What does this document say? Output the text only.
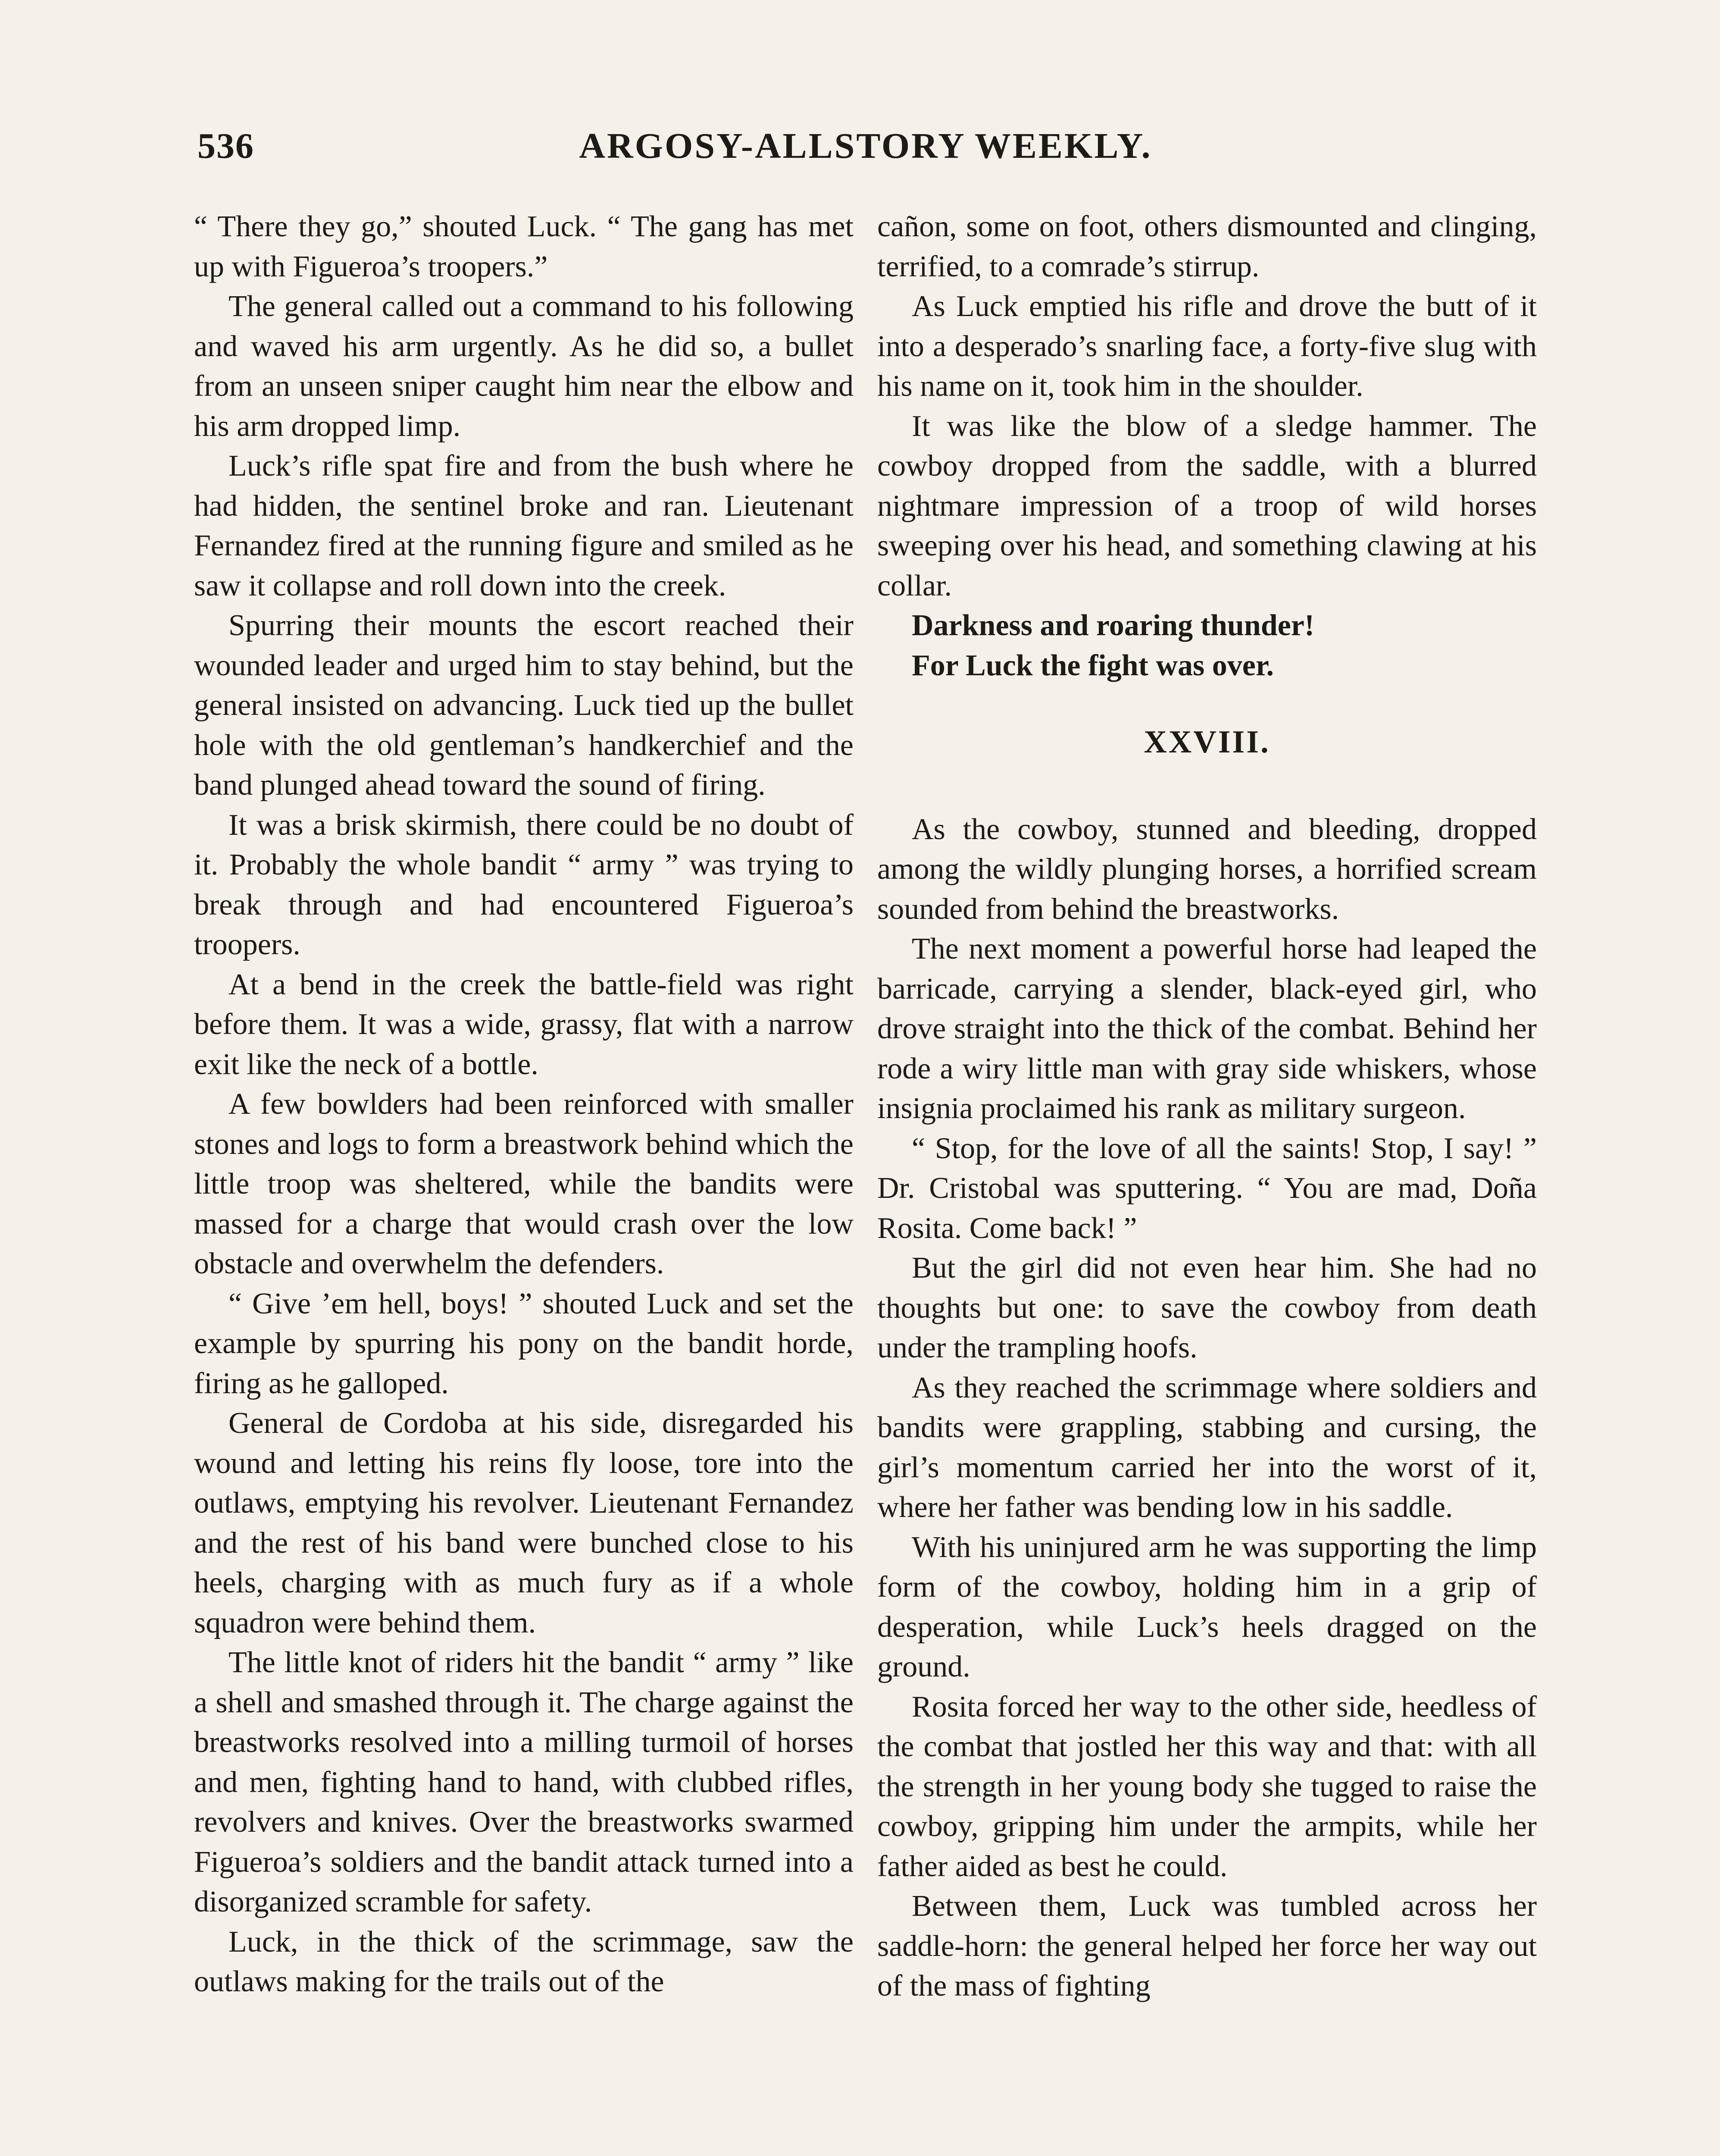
536	ARGOSY-ALLSTORY WEEKLY.

“ There they go,” shouted Luck. “ The gang has met up with Figueroa’s troopers.”

The general called out a command to his following and waved his arm urgently. As he did so, a bullet from an unseen sniper caught him near the elbow and his arm dropped limp.

Luck’s rifle spat fire and from the bush where he had hidden, the sentinel broke and ran. Lieutenant Fernandez fired at the running figure and smiled as he saw it collapse and roll down into the creek.

Spurring their mounts the escort reached their wounded leader and urged him to stay behind, but the general insisted on advancing. Luck tied up the bullet hole with the old gentleman’s handkerchief and the band plunged ahead toward the sound of firing.

It was a brisk skirmish, there could be no doubt of it. Probably the whole bandit “ army ” was trying to break through and had encountered Figueroa’s troopers.

At a bend in the creek the battle-field was right before them. It was a wide, grassy, flat with a narrow exit like the neck of a bottle.

A few bowlders had been reinforced with smaller stones and logs to form a breastwork behind which the little troop was sheltered, while the bandits were massed for a charge that would crash over the low obstacle and overwhelm the defenders.

“ Give ’em hell, boys! ” shouted Luck and set the example by spurring his pony on the bandit horde, firing as he galloped.

General de Cordoba at his side, disregarded his wound and letting his reins fly loose, tore into the outlaws, emptying his revolver. Lieutenant Fernandez and the rest of his band were bunched close to his heels, charging with as much fury as if a whole squadron were behind them.

The little knot of riders hit the bandit “ army ” like a shell and smashed through it. The charge against the breastworks resolved into a milling turmoil of horses and men, fighting hand to hand, with clubbed rifles, revolvers and knives. Over the breastworks swarmed Figueroa’s soldiers and the bandit attack turned into a disorganized scramble for safety.

Luck, in the thick of the scrimmage, saw the outlaws making for the trails out of the

cañon, some on foot, others dismounted and clinging, terrified, to a comrade’s stirrup.

As Luck emptied his rifle and drove the butt of it into a desperado’s snarling face, a forty-five slug with his name on it, took him in the shoulder.

It was like the blow of a sledge hammer. The cowboy dropped from the saddle, with a blurred nightmare impression of a troop of wild horses sweeping over his head, and something clawing at his collar.

Darkness and roaring thunder!

For Luck the fight was over.

XXVIII.

As the cowboy, stunned and bleeding, dropped among the wildly plunging horses, a horrified scream sounded from behind the breastworks.

The next moment a powerful horse had leaped the barricade, carrying a slender, black-eyed girl, who drove straight into the thick of the combat. Behind her rode a wiry little man with gray side whiskers, whose insignia proclaimed his rank as military surgeon.

“ Stop, for the love of all the saints! Stop, I say! ” Dr. Cristobal was sputtering. “ You are mad, Doña Rosita. Come back! ”

But the girl did not even hear him. She had no thoughts but one: to save the cowboy from death under the trampling hoofs.

As they reached the scrimmage where soldiers and bandits were grappling, stabbing and cursing, the girl’s momentum carried her into the worst of it, where her father was bending low in his saddle.

With his uninjured arm he was supporting the limp form of the cowboy, holding him in a grip of desperation, while Luck’s heels dragged on the ground.

Rosita forced her way to the other side, heedless of the combat that jostled her this way and that: with all the strength in her young body she tugged to raise the cowboy, gripping him under the armpits, while her father aided as best he could.

Between them, Luck was tumbled across her saddle-horn: the general helped her force her way out of the mass of fighting
